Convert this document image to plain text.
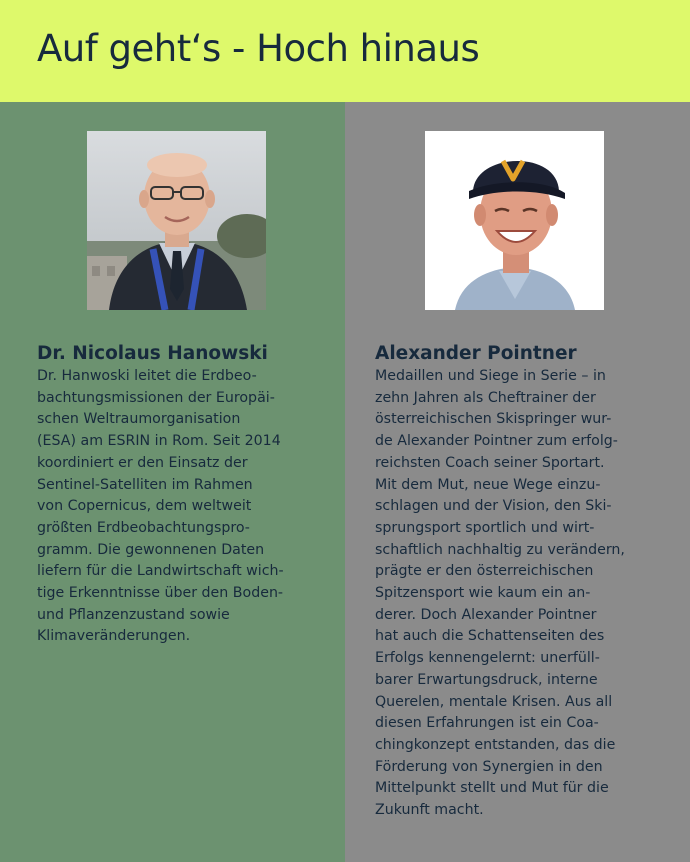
Auf geht‘s - Hoch hinaus
Dr. Nicolaus Hanowski

Dr. Hanwoski leitet die Erdbeo-
bachtungsmissionen der Europäi-
schen Weltraumorganisation
(ESA) am ESRIN in Rom. Seit 2014
koordiniert er den Einsatz der
Sentinel-Satelliten im Rahmen
von Copernicus, dem weltweit
größten Erdbeobachtungspro-
gramm. Die gewonnenen Daten
liefern für die Landwirtschaft wich-
tige Erkenntnisse über den Boden-
und Pflanzenzustand sowie
Klimaveränderungen.

Alexander Pointner

Medaillen und Siege in Serie – in
zehn Jahren als Cheftrainer der
österreichischen Skispringer wur-
de Alexander Pointner zum erfolg-
reichsten Coach seiner Sportart.
Mit dem Mut, neue Wege einzu-
schlagen und der Vision, den Ski-
sprungsport sportlich und wirt-
schaftlich nachhaltig zu verändern,
prägte er den österreichischen
Spitzensport wie kaum ein an-
derer. Doch Alexander Pointner
hat auch die Schattenseiten des
Erfolgs kennengelernt: unerfüll-
barer Erwartungsdruck, interne
Querelen, mentale Krisen. Aus all
diesen Erfahrungen ist ein Coa-
chingkonzept entstanden, das die
Förderung von Synergien in den
Mittelpunkt stellt und Mut für die
Zukunft macht.
